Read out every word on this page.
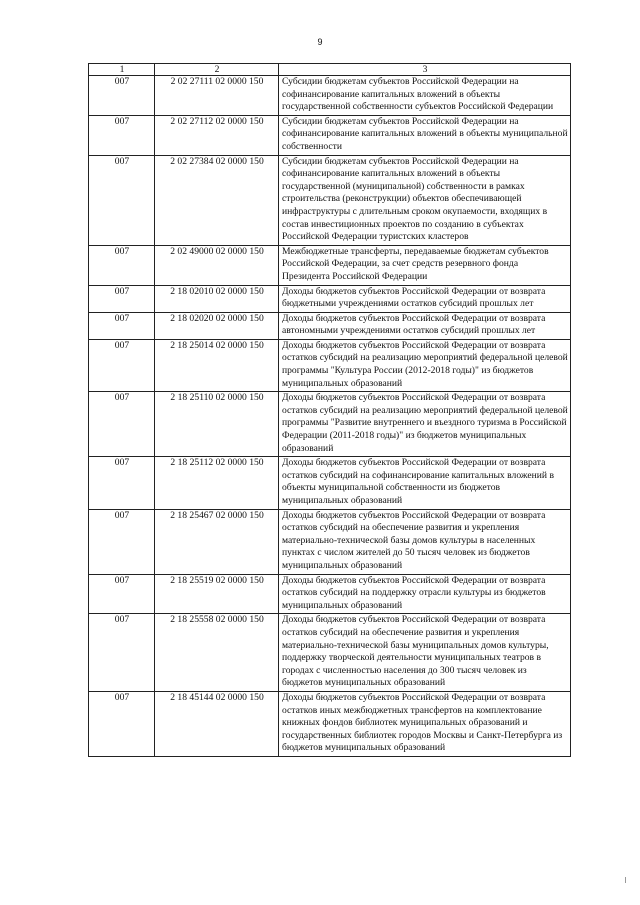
9
1	2	3
007	2 02 27111 02 0000 150	Субсидии бюджетам субъектов Российской Федерации на софинансирование капитальных вложений в объекты государственной собственности субъектов Российской Федерации
007	2 02 27112 02 0000 150	Субсидии бюджетам субъектов Российской Федерации на софинансирование капитальных вложений в объекты муниципальной собственности
007	2 02 27384 02 0000 150	Субсидии бюджетам субъектов Российской Федерации на софинансирование капитальных вложений в объекты государственной (муниципальной) собственности в рамках строительства (реконструкции) объектов обеспечивающей инфраструктуры с длительным сроком окупаемости, входящих в состав инвестиционных проектов по созданию в субъектах Российской Федерации туристских кластеров
007	2 02 49000 02 0000 150	Межбюджетные трансферты, передаваемые бюджетам субъектов Российской Федерации, за счет средств резервного фонда Президента Российской Федерации
007	2 18 02010 02 0000 150	Доходы бюджетов субъектов Российской Федерации от возврата бюджетными учреждениями остатков субсидий прошлых лет
007	2 18 02020 02 0000 150	Доходы бюджетов субъектов Российской Федерации от возврата автономными учреждениями остатков субсидий прошлых лет
007	2 18 25014 02 0000 150	Доходы бюджетов субъектов Российской Федерации от возврата остатков субсидий на реализацию мероприятий федеральной целевой программы "Культура России (2012-2018 годы)" из бюджетов муниципальных образований
007	2 18 25110 02 0000 150	Доходы бюджетов субъектов Российской Федерации от возврата остатков субсидий на реализацию мероприятий федеральной целевой программы "Развитие внутреннего и въездного туризма в Российской Федерации (2011-2018 годы)" из бюджетов муниципальных образований
007	2 18 25112 02 0000 150	Доходы бюджетов субъектов Российской Федерации от возврата остатков субсидий на софинансирование капитальных вложений в объекты муниципальной собственности из бюджетов муниципальных образований
007	2 18 25467 02 0000 150	Доходы бюджетов субъектов Российской Федерации от возврата остатков субсидий на обеспечение развития и укрепления материально-технической базы домов культуры в населенных пунктах с числом жителей до 50 тысяч человек из бюджетов муниципальных образований
007	2 18 25519 02 0000 150	Доходы бюджетов субъектов Российской Федерации от возврата остатков субсидий на поддержку отрасли культуры из бюджетов муниципальных образований
007	2 18 25558 02 0000 150	Доходы бюджетов субъектов Российской Федерации от возврата остатков субсидий на обеспечение развития и укрепления материально-технической базы муниципальных домов культуры, поддержку творческой деятельности муниципальных театров в городах с численностью населения до 300 тысяч человек из бюджетов муниципальных образований
007	2 18 45144 02 0000 150	Доходы бюджетов субъектов Российской Федерации от возврата остатков иных межбюджетных трансфертов на комплектование книжных фондов библиотек муниципальных образований и государственных библиотек городов Москвы и Санкт-Петербурга из бюджетов муниципальных образований
